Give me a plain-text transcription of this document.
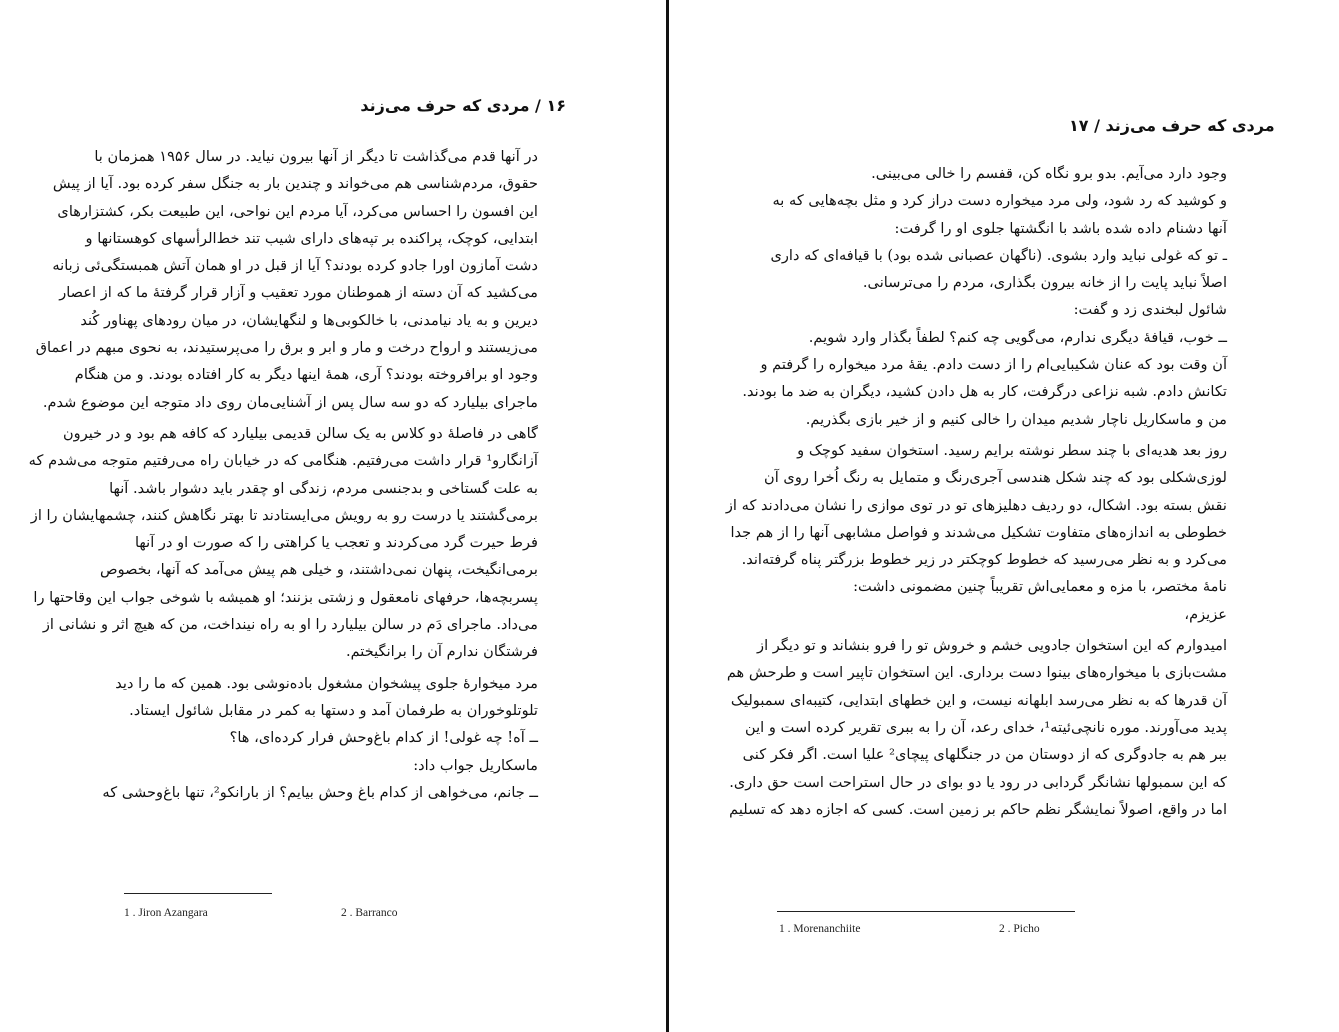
۱۶ / مردی که حرف می‌زند
در آنها قدم می‌گذاشت تا دیگر از آنها بیرون نیاید. در سال ۱۹۵۶ همزمان با
حقوق، مردم‌شناسی هم می‌خواند و چندین بار به جنگل سفر کرده بود. آیا از پیش
این افسون را احساس می‌کرد، آیا مردم این نواحی، این طبیعت بکر، کشتزارهای
ابتدایی، کوچک، پراکنده بر تپه‌های دارای شیب تند خط‌الرأسهای کوهستانها و
دشت آمازون اورا جادو کرده بودند؟ آیا از قبل در او همان آتش همبستگی‌ئی زبانه
می‌کشید که آن دسته از هموطنان مورد تعقیب و آزار قرار گرفتهٔ ما که از اعصار
دیرین و به یاد نیامدنی، با خالکوبی‌ها و لنگهایشان، در میان رودهای پهناور کُند
می‌زیستند و ارواح درخت و مار و ابر و برق را می‌پرستیدند، به نحوی مبهم در اعماق
وجود او برافروخته بودند؟ آری، همهٔ اینها دیگر به کار افتاده بودند. و من هنگام
ماجرای بیلیارد که دو سه سال پس از آشنایی‌مان روی داد متوجه این موضوع شدم.
گاهی در فاصلهٔ دو کلاس به یک سالن قدیمی بیلیارد که کافه هم بود و در خیرون
آزانگارو¹ قرار داشت می‌رفتیم. هنگامی که در خیابان راه می‌رفتیم متوجه می‌شدم که
به علت گستاخی و بدجنسی مردم، زندگی او چقدر باید دشوار باشد. آنها
برمی‌گشتند یا درست رو به رویش می‌ایستادند تا بهتر نگاهش کنند، چشمهایشان را از
فرط حیرت گرد می‌کردند و تعجب یا کراهتی را که صورت او در آنها
برمی‌انگیخت، پنهان نمی‌داشتند، و خیلی هم پیش می‌آمد که آنها، بخصوص
پسربچه‌ها، حرفهای نامعقول و زشتی بزنند؛ او همیشه با شوخی جواب این وقاحتها را
می‌داد. ماجرای دَم در سالن بیلیارد را او به راه نینداخت، من که هیچ اثر و نشانی از
فرشتگان ندارم آن را برانگیختم.
مرد میخوارهٔ جلوی پیشخوان مشغول باده‌نوشی بود. همین که ما را دید
تلوتلوخوران به طرفمان آمد و دستها به کمر در مقابل شائول ایستاد.
ــ آه! چه غولی! از کدام باغ‌وحش فرار کرده‌ای، ها؟
ماسکاریل جواب داد:
ــ جانم، می‌خواهی از کدام باغ وحش بیایم؟ از بارانکو²، تنها باغ‌وحشی که
1 . Jiron Azangara	2 . Barranco
مردی که حرف می‌زند / ۱۷
وجود دارد می‌آیم. بدو برو نگاه کن، قفسم را خالی می‌بینی.
و کوشید که رد شود، ولی مرد میخواره دست دراز کرد و مثل بچه‌هایی که به
آنها دشنام داده شده باشد با انگشتها جلوی او را گرفت:
ـ تو که غولی نباید وارد بشوی. (ناگهان عصبانی شده بود) با قیافه‌ای که داری
اصلاً نباید پایت را از خانه بیرون بگذاری، مردم را می‌ترسانی.
شائول لبخندی زد و گفت:
ــ خوب، قیافهٔ دیگری ندارم، می‌گویی چه کنم؟ لطفاً بگذار وارد شویم.
آن وقت بود که عنان شکیبایی‌ام را از دست دادم. یقهٔ مرد میخواره را گرفتم و
تکانش دادم. شبه نزاعی درگرفت، کار به هل دادن کشید، دیگران به ضد ما بودند.
من و ماسکاریل ناچار شدیم میدان را خالی کنیم و از خیر بازی بگذریم.
روز بعد هدیه‌ای با چند سطر نوشته برایم رسید. استخوان سفید کوچک و
لوزی‌شکلی بود که چند شکل هندسی آجری‌رنگ و متمایل به رنگ اُخرا روی آن
نقش بسته بود. اشکال، دو ردیف دهلیزهای تو در توی موازی را نشان می‌دادند که از
خطوطی به اندازه‌های متفاوت تشکیل می‌شدند و فواصل مشابهی آنها را از هم جدا
می‌کرد و به نظر می‌رسید که خطوط کوچکتر در زیر خطوط بزرگتر پناه گرفته‌اند.
نامهٔ مختصر، با مزه و معمایی‌اش تقریباً چنین مضمونی داشت:
عزیزم،
امیدوارم که این استخوان جادویی خشم و خروش تو را فرو بنشاند و تو دیگر از
مشت‌بازی با میخواره‌های بینوا دست برداری. این استخوان تاپیر است و طرحش هم
آن قدرها که به نظر می‌رسد ابلهانه نیست، و این خطهای ابتدایی، کتیبه‌ای سمبولیک
پدید می‌آورند. موره نانچی‌ئیته¹، خدای رعد، آن را به ببری تقریر کرده است و این
ببر هم به جادوگری که از دوستان من در جنگلهای پیچای² علیا است. اگر فکر کنی
که این سمبولها نشانگر گردابی در رود یا دو بوای در حال استراحت است حق داری.
اما در واقع، اصولاً نمایشگر نظم حاکم بر زمین است. کسی که اجازه دهد که تسلیم
1 . Morenanchiite	2 . Picho
